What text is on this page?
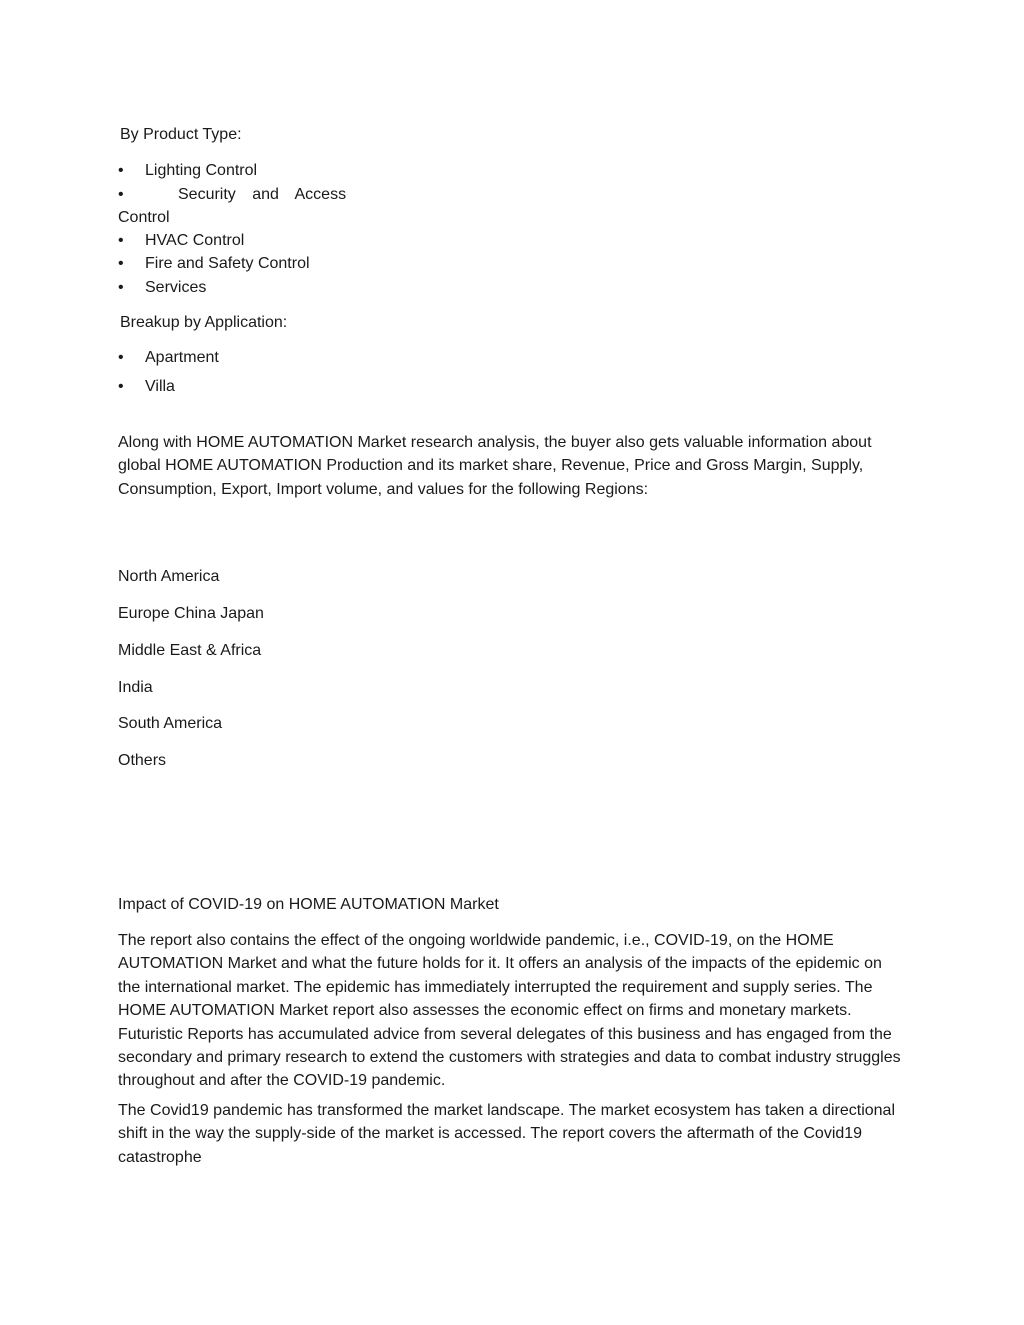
By Product Type:

• Lighting Control
•	Security and Access
Control
• HVAC Control
• Fire and Safety Control
• Services

Breakup by Application:

• Apartment
• Villa

Along with HOME AUTOMATION Market research analysis, the buyer also gets valuable information about global HOME AUTOMATION Production and its market share, Revenue, Price and Gross Margin, Supply, Consumption, Export, Import volume, and values for the following Regions:

North America

Europe China Japan

Middle East & Africa

India

South America

Others

Impact of COVID-19 on HOME AUTOMATION Market

The report also contains the effect of the ongoing worldwide pandemic, i.e., COVID-19, on the HOME AUTOMATION Market and what the future holds for it. It offers an analysis of the impacts of the epidemic on the international market. The epidemic has immediately interrupted the requirement and supply series. The HOME AUTOMATION Market report also assesses the economic effect on firms and monetary markets. Futuristic Reports has accumulated advice from several delegates of this business and has engaged from the secondary and primary research to extend the customers with strategies and data to combat industry struggles throughout and after the COVID-19 pandemic.

The Covid19 pandemic has transformed the market landscape. The market ecosystem has taken a directional shift in the way the supply-side of the market is accessed. The report covers the aftermath of the Covid19 catastrophe
